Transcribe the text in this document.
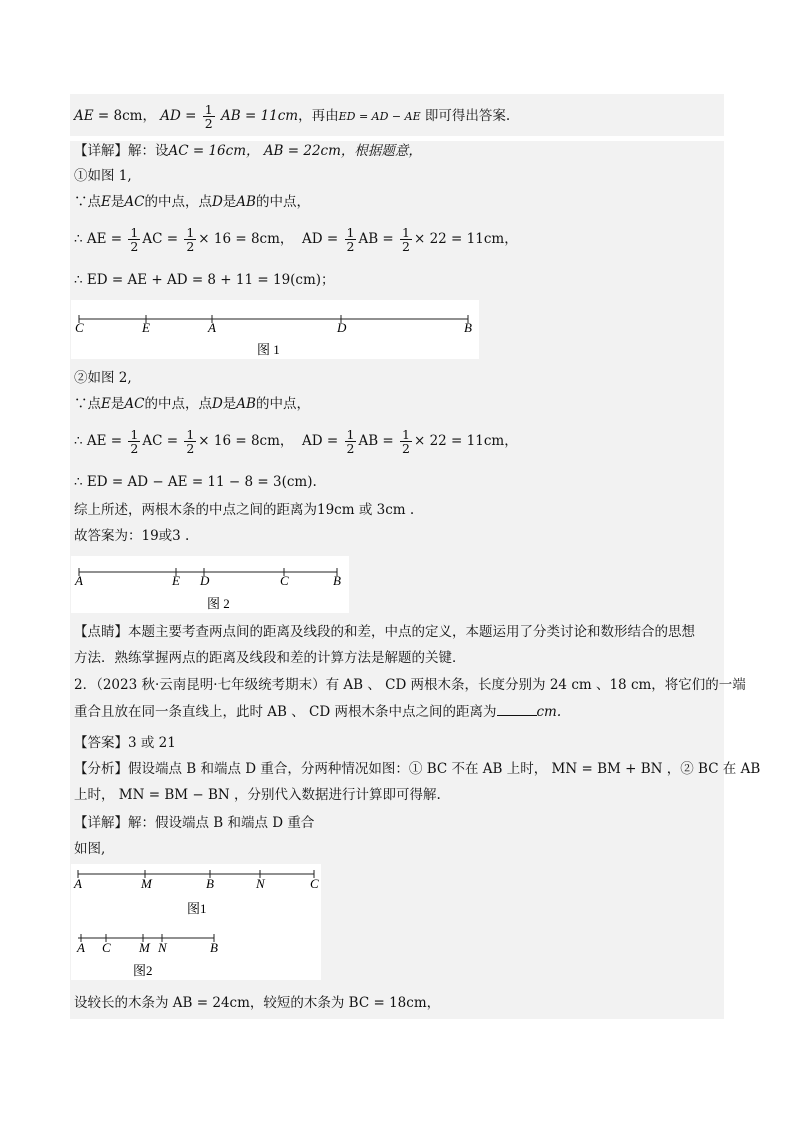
AE = 8cm， AD = $\frac{1}{2}$ AB = 11cm，再由ED = AD − AE 即可得出答案.
【详解】解：设AC = 16cm， AB = 22cm，根据题意，
①如图 1,
∵点E是AC的中点，点D是AB的中点，
∴ AE = $\frac{1}{2}$ AC = $\frac{1}{2} \times 16 = 8cm$， AD = $\frac{1}{2}$ AB = $\frac{1}{2} \times 22 = 11cm$，
∴ ED = AE + AD = 8 + 11 = 19(cm)；
C	E	A	D	B
图 1
②如图 2,
∵点E是AC的中点，点D是AB的中点，
∴ AE = $\frac{1}{2}$ AC = $\frac{1}{2} \times 16 = 8cm$， AD = $\frac{1}{2}$ AB = $\frac{1}{2} \times 22 = 11cm$，
∴ ED = AD − AE = 11 − 8 = 3(cm).
综上所述，两根木条的中点之间的距离为19cm 或 3cm .
故答案为：19或3 .
A	E D	C	B
图 2
【点睛】本题主要考查两点间的距离及线段的和差，中点的定义，本题运用了分类讨论和数形结合的思想
方法．熟练掌握两点的距离及线段和差的计算方法是解题的关键．
2．（2023 秋·云南昆明·七年级统考期末）有 AB 、 CD 两根木条，长度分别为 24 cm 、18 cm，将它们的一端
重合且放在同一条直线上，此时 AB 、 CD 两根木条中点之间的距离为	cm.
【答案】3 或 21
【分析】假设端点 B 和端点 D 重合，分两种情况如图：① BC 不在 AB 上时， MN = BM + BN ，② BC 在 AB
上时， MN = BM − BN ，分别代入数据进行计算即可得解.
【详解】解：假设端点 B 和端点 D 重合
如图,
A	M	B	N	C
图1
A C M N	B
图2
设较长的木条为 AB = 24cm，较短的木条为 BC = 18cm，
